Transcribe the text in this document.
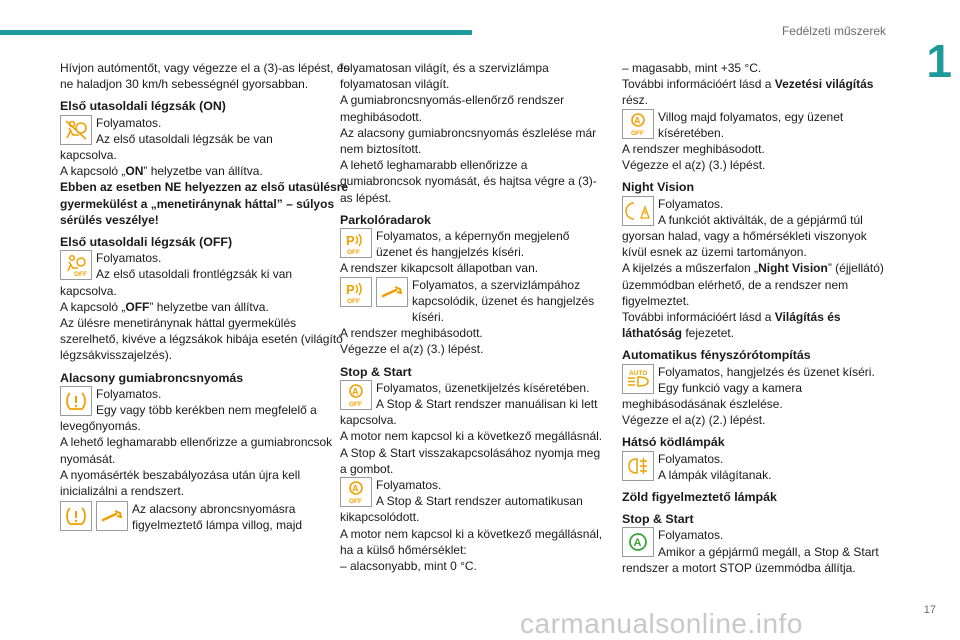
Fedélzeti műszerek
1

Hívjon autómentőt, vagy végezze el a (3)-as lépést, és ne haladjon 30 km/h sebességnél gyorsabban.

Első utasoldali légzsák (ON)

Folyamatos.

Az első utasoldali légzsák be van

kapcsolva.

A kapcsoló „ON” helyzetbe van állítva.

Ebben az esetben NE helyezzen az első utasülésre gyermekülést a „menetiránynak háttal” – súlyos sérülés veszélye!

Első utasoldali légzsák (OFF)

OFF

Folyamatos.

Az első utasoldali frontlégzsák ki van

kapcsolva.

A kapcsoló „OFF” helyzetbe van állítva.

Az ülésre menetiránynak háttal gyermekülés szerelhető, kivéve a légzsákok hibája esetén (világító légzsákvisszajelzés).

Alacsony gumiabroncsnyomás

Folyamatos.

Egy vagy több kerékben nem megfelelő a

levegőnyomás.

A lehető leghamarabb ellenőrizze a gumiabroncsok nyomását.

A nyomásérték beszabályozása után újra kell inicializálni a rendszert.

Az alacsony abroncsnyomásra figyelmeztető lámpa villog, majd

folyamatosan világít, és a szervizlámpa folyamatosan világít.

A gumiabroncsnyomás-ellenőrző rendszer meghibásodott.

Az alacsony gumiabroncsnyomás észlelése már nem biztosított.

A lehető leghamarabb ellenőrizze a gumiabroncsok nyomását, és hajtsa végre a (3)-as lépést.

Parkolóradarok

P
OFF

Folyamatos, a képernyőn megjelenő üzenet és hangjelzés kíséri.

A rendszer kikapcsolt állapotban van.

P
OFF

Folyamatos, a szervizlámpához kapcsolódik, üzenet és hangjelzés kíséri.

A rendszer meghibásodott.

Végezze el a(z) (3.) lépést.

Stop & Start

A
OFF

Folyamatos, üzenetkijelzés kíséretében.

A Stop & Start rendszer manuálisan ki lett

kapcsolva.

A motor nem kapcsol ki a következő megállásnál.

A Stop & Start visszakapcsolásához nyomja meg a gombot.

A
OFF

Folyamatos.

A Stop & Start rendszer automatikusan

kikapcsolódott.

A motor nem kapcsol ki a következő megállásnál, ha a külső hőmérséklet:

– alacsonyabb, mint 0 °C.

– magasabb, mint +35 °C.

További információért lásd a Vezetési világítás rész.

A
OFF

Villog majd folyamatos, egy üzenet kíséretében.

A rendszer meghibásodott.

Végezze el a(z) (3.) lépést.

Night Vision

Folyamatos.

A funkciót aktiválták, de a gépjármű túl

gyorsan halad, vagy a hőmérsékleti viszonyok kívül esnek az üzemi tartományon.

A kijelzés a műszerfalon „Night Vision” (éjjellátó) üzemmódban elérhető, de a rendszer nem figyelmeztet.

További információért lásd a Világítás és láthatóság fejezetet.

Automatikus fényszórótompítás

AUTO Folyamatos, hangjelzés és üzenet kíséri.

Egy funkció vagy a kamera

meghibásodásának észlelése.

Végezze el a(z) (2.) lépést.

Hátsó ködlámpák

Folyamatos.

A lámpák világítanak.

Zöld figyelmeztető lámpák

Stop & Start

A

Folyamatos.

Amikor a gépjármű megáll, a Stop & Start

rendszer a motort STOP üzemmódba állítja.

17
carmanualsonline.info
